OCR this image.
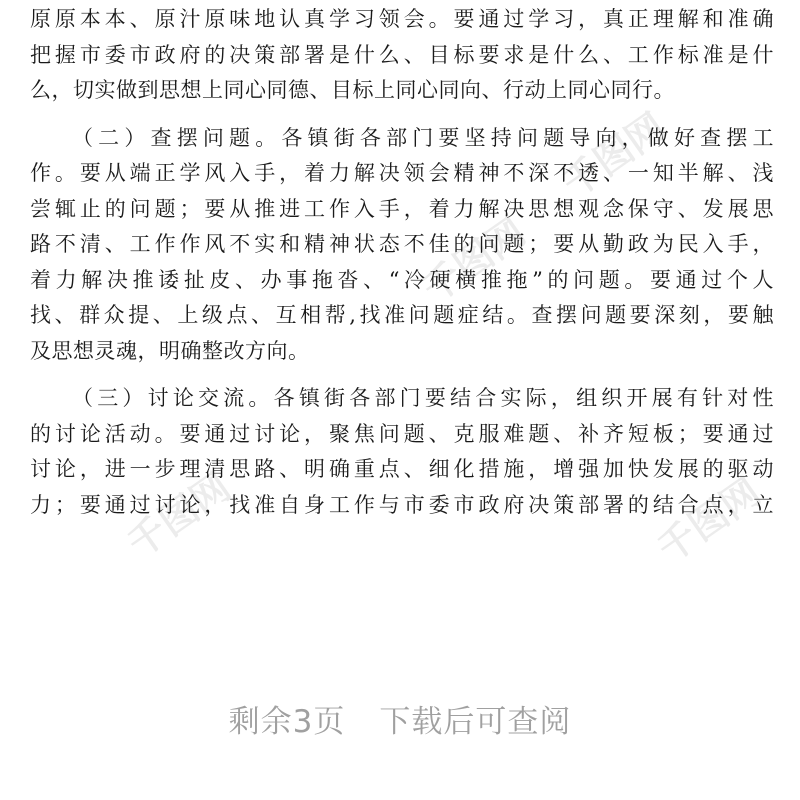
千图网
千图网
千图网	千图网
原原本本、原汁原味地认真学习领会。要通过学习，真正理解和准确
把握市委市政府的决策部署是什么、目标要求是什么、工作标准是什
么，切实做到思想上同心同德、目标上同心同向、行动上同心同行。
（二）查摆问题。各镇街各部门要坚持问题导向，做好查摆工
作。要从端正学风入手，着力解决领会精神不深不透、一知半解、浅
尝辄止的问题；要从推进工作入手，着力解决思想观念保守、发展思
路不清、工作作风不实和精神状态不佳的问题；要从勤政为民入手，
着力解决推诿扯皮、办事拖沓、“冷硬横推拖”的问题。要通过个人
找、群众提、上级点、互相帮,找准问题症结。查摆问题要深刻，要触
及思想灵魂，明确整改方向。
（三）讨论交流。各镇街各部门要结合实际，组织开展有针对性
的讨论活动。要通过讨论，聚焦问题、克服难题、补齐短板；要通过
讨论，进一步理清思路、明确重点、细化措施，增强加快发展的驱动
力；要通过讨论，找准自身工作与市委市政府决策部署的结合点，立
剩余3页 下载后可查阅
